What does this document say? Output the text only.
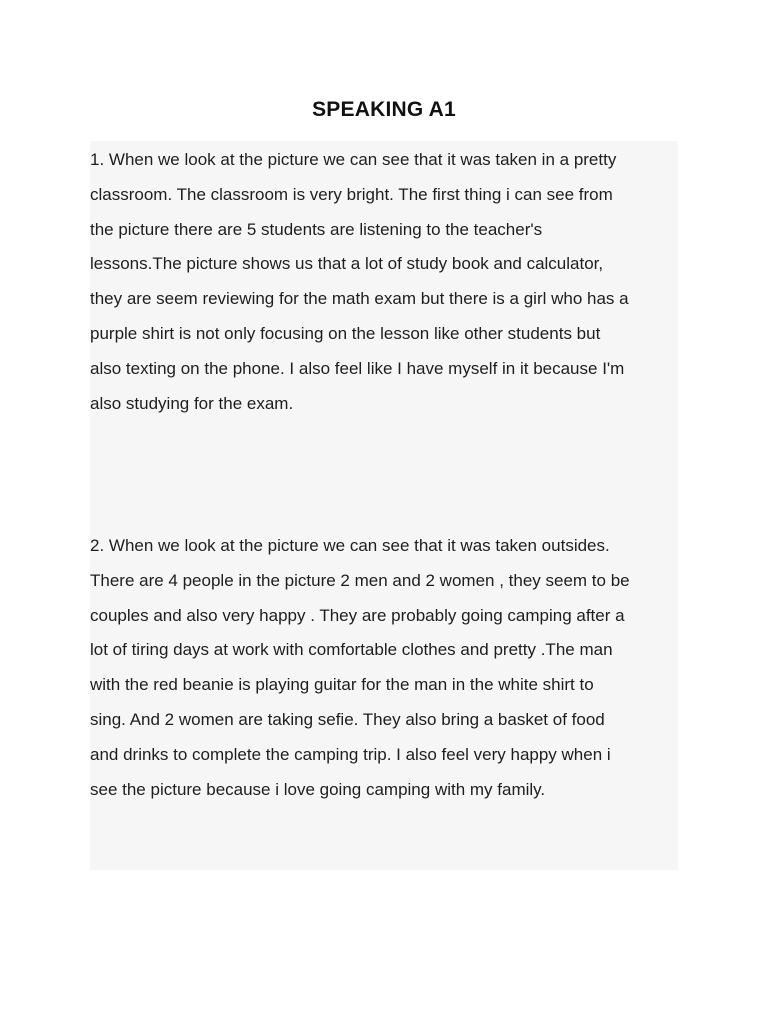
SPEAKING A1
1. When we look at the picture we can see that it was taken in a pretty
classroom. The classroom is very bright. The first thing i can see from
the picture there are 5 students are listening to the teacher's
lessons.The picture shows us that a lot of study book and calculator,
they are seem reviewing for the math exam but there is a girl who has a
purple shirt is not only focusing on the lesson like other students but
also texting on the phone. I also feel like I have myself in it because I'm
also studying for the exam.
2. When we look at the picture we can see that it was taken outsides.
There are 4 people in the picture 2 men and 2 women , they seem to be
couples and also very happy . They are probably going camping after a
lot of tiring days at work with comfortable clothes and pretty .The man
with the red beanie is playing guitar for the man in the white shirt to
sing. And 2 women are taking sefie. They also bring a basket of food
and drinks to complete the camping trip. I also feel very happy when i
see the picture because i love going camping with my family.
